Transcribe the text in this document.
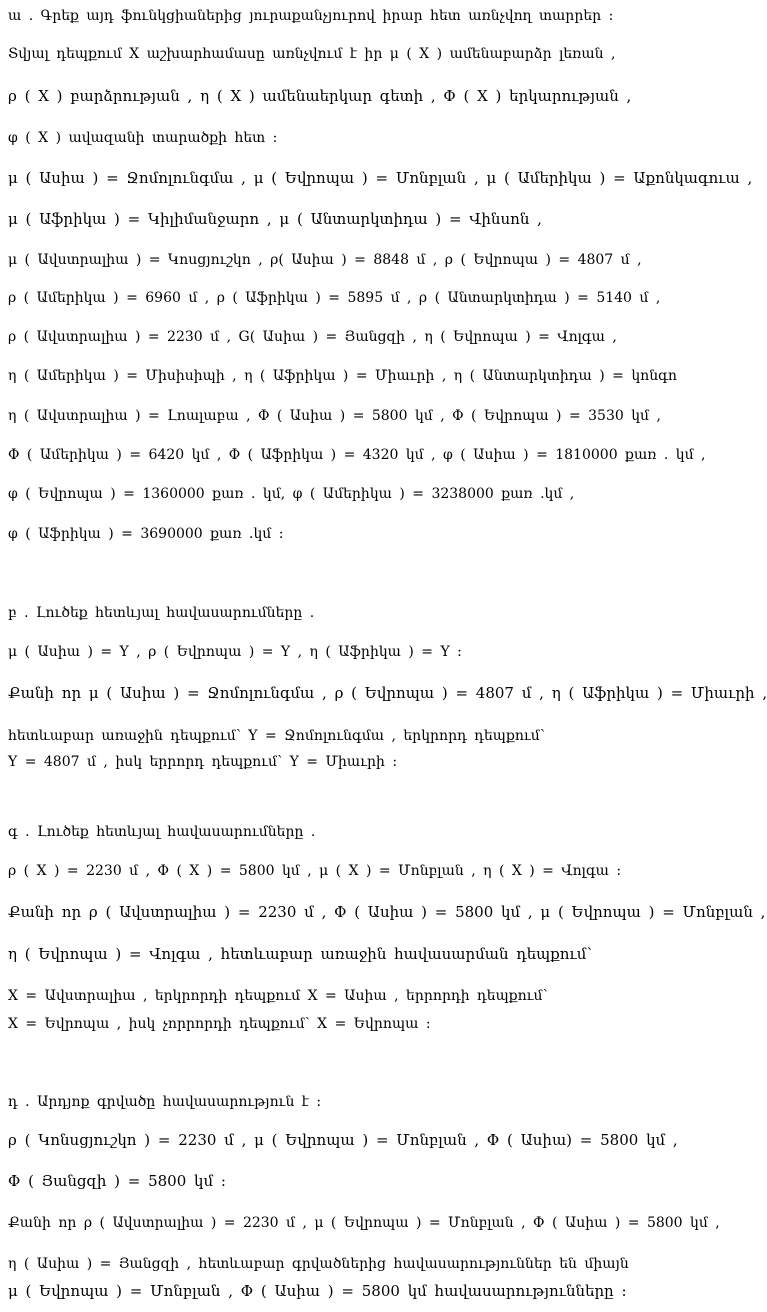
ա . Գրեք այդ ֆունկցիաներից յուրաքանչյուրով իրար հետ առնչվող տարրեր :
Տվյալ դեպքում X աշխարհամասը առնչվում է իր μ ( X ) ամենաբարձր լեռան ,
ρ ( X ) բարձրության , η ( X ) ամենաերկար գետի , Φ ( X ) երկարության ,
φ ( X ) ավազանի տարածքի հետ :
μ ( Ասիա ) = Ջոմոլունգմա , μ ( Եվրոպա ) = Մոնբլան , μ ( Ամերիկա ) = Աքոնկագուա ,
μ ( Աֆրիկա ) = Կիլիմանջարո , μ ( Անտարկտիդա ) = Վինսոն ,
μ ( Ավստրալիա ) = Կոսցյուշկո , ρ( Ասիա ) = 8848 մ , ρ ( Եվրոպա ) = 4807 մ ,
ρ ( Ամերիկա ) = 6960 մ , ρ ( Աֆրիկա ) = 5895 մ , ρ ( Անտարկտիդա ) = 5140 մ ,
ρ ( Ավստրալիա ) = 2230 մ , G( Ասիա ) = Յանցզի , η ( Եվրոպա ) = Վոլգա ,
η ( Ամերիկա ) = Միսիսիպի , η ( Աֆրիկա ) = Միաւրի , η ( Անտարկտիդա ) = կոնգո
η ( Ավստրալիա ) = Լոալաբա , Φ ( Ասիա ) = 5800 կմ , Φ ( Եվրոպա ) = 3530 կմ ,
Φ ( Ամերիկա ) = 6420 կմ , Φ ( Աֆրիկա ) = 4320 կմ , φ ( Ասիա ) = 1810000 քառ . կմ ,
φ ( Եվրոպա ) = 1360000 քառ . կմ, φ ( Ամերիկա ) = 3238000 քառ .կմ ,
φ ( Աֆրիկա ) = 3690000 քառ .կմ :
բ . Լուծեք հետևյալ հավասարումները .
μ ( Ասիա ) = Y , ρ ( Եվրոպա ) = Y , η ( Աֆրիկա ) = Y :
Քանի որ μ ( Ասիա ) = Ջոմոլունգմա , ρ ( Եվրոպա ) = 4807 մ , η ( Աֆրիկա ) = Միաւրի ,
հետևաբար առաջին դեպքում՝ Y = Ջոմոլունգմա , երկրորդ դեպքում՝
Y = 4807 մ , իսկ երրորդ դեպքում՝ Y = Միաւրի :
գ . Լուծեք հետևյալ հավասարումները .
ρ ( X ) = 2230 մ , Φ ( X ) = 5800 կմ , μ ( X ) = Մոնբլան , η ( X ) = Վոլգա :
Քանի որ ρ ( Ավստրալիա ) = 2230 մ , Φ ( Ասիա ) = 5800 կմ , μ ( Եվրոպա ) = Մոնբլան ,
η ( Եվրոպա ) = Վոլգա , հետևաբար առաջին հավասարման դեպքում՝
X = Ավստրալիա , երկրորդի դեպքում X = Ասիա , երրորդի դեպքում՝
X = Եվրոպա , իսկ չորրորդի դեպքում՝ X = Եվրոպա :
դ . Արդյոք գրվածը հավասարություն է :
ρ ( Կոնսցյուշկո ) = 2230 մ , μ ( Եվրոպա ) = Մոնբլան , Φ ( Ասիա) = 5800 կմ ,
Φ ( Յանցզի ) = 5800 կմ :
Քանի որ ρ ( Ավստրալիա ) = 2230 մ , μ ( Եվրոպա ) = Մոնբլան , Φ ( Ասիա ) = 5800 կմ ,
η ( Ասիա ) = Յանցզի , հետևաբար գրվածներից հավասարություններ են միայն
μ ( Եվրոպա ) = Մոնբլան , Φ ( Ասիա ) = 5800 կմ հավասարությունները :
